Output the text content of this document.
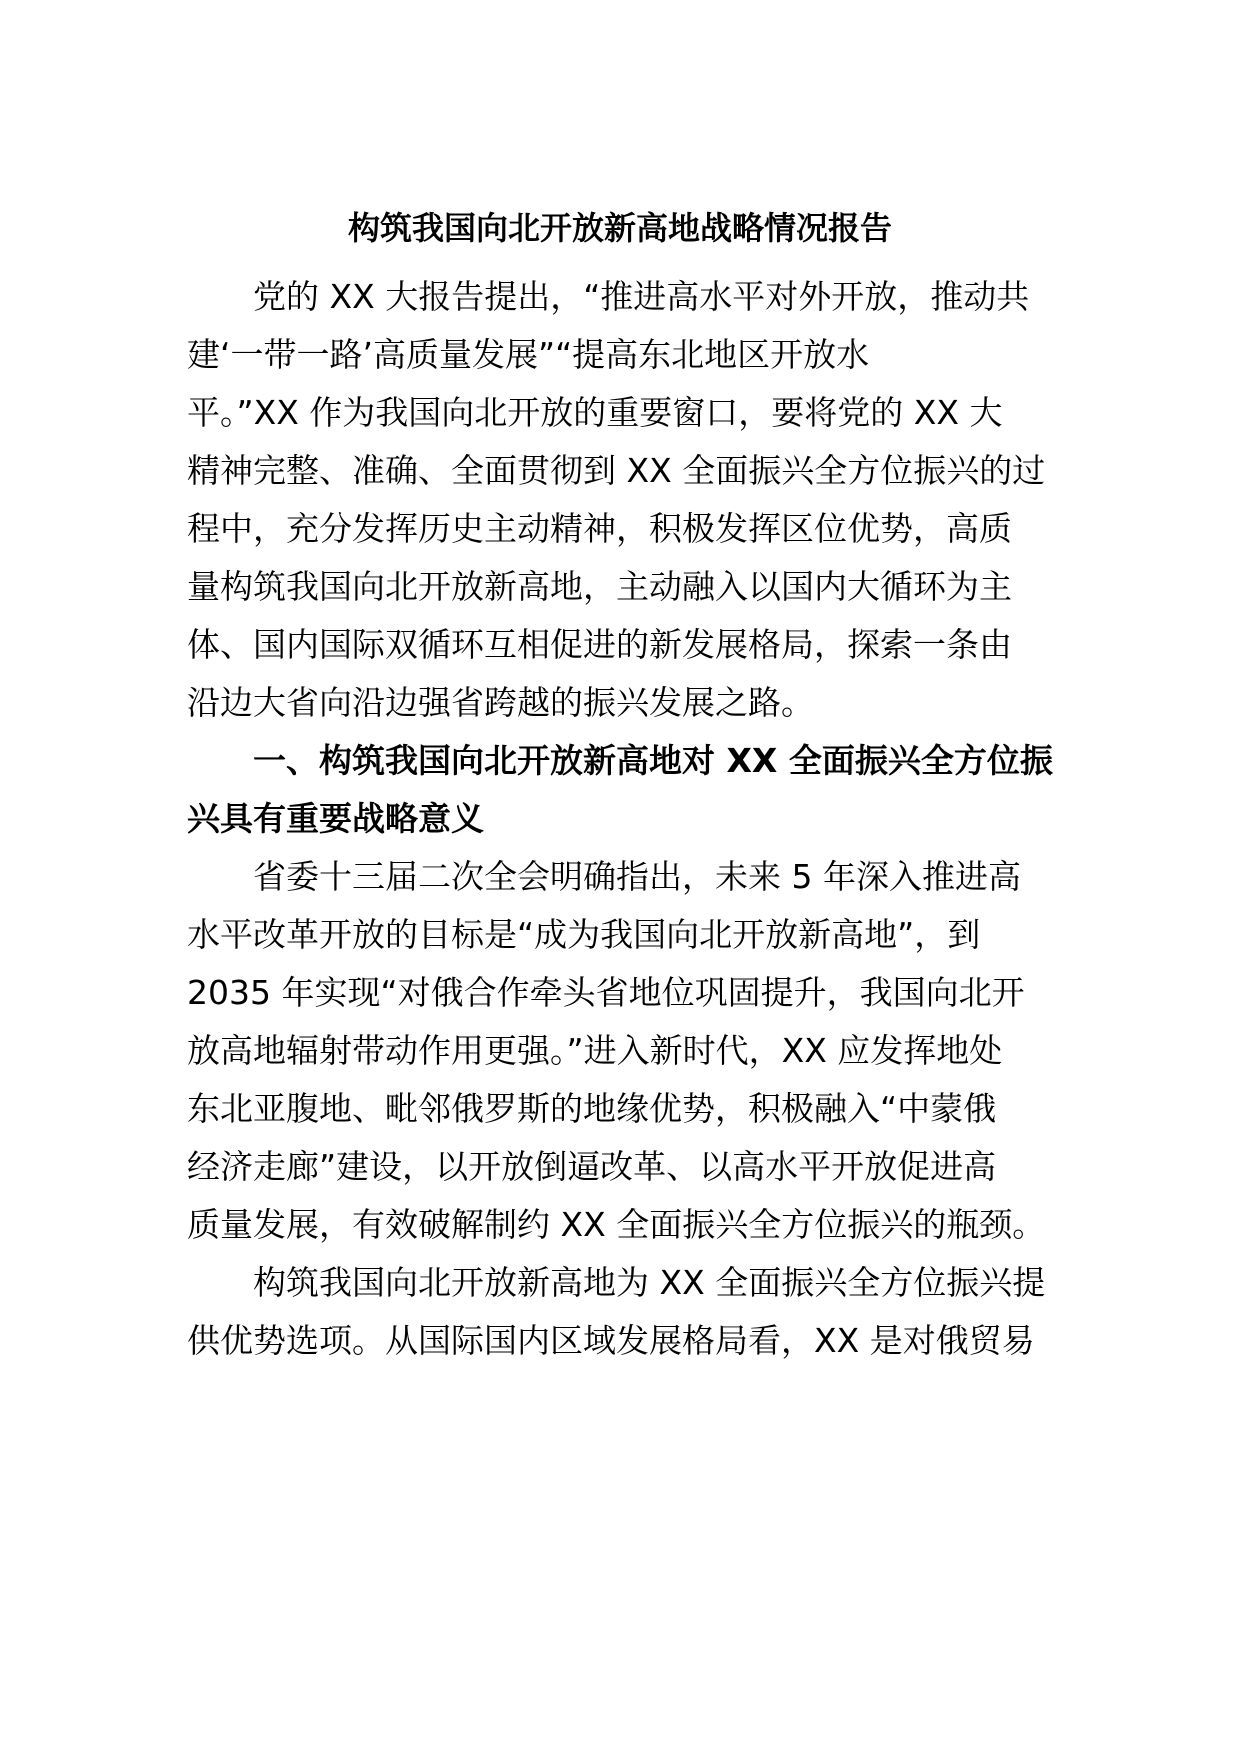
构筑我国向北开放新高地战略情况报告
　　党的 XX 大报告提出，“推进高水平对外开放，推动共
建‘一带一路’高质量发展”“提高东北地区开放水
平。”XX 作为我国向北开放的重要窗口，要将党的 XX 大
精神完整、准确、全面贯彻到 XX 全面振兴全方位振兴的过
程中，充分发挥历史主动精神，积极发挥区位优势，高质
量构筑我国向北开放新高地，主动融入以国内大循环为主
体、国内国际双循环互相促进的新发展格局，探索一条由
沿边大省向沿边强省跨越的振兴发展之路。
　　一、构筑我国向北开放新高地对 XX 全面振兴全方位振
兴具有重要战略意义
　　省委十三届二次全会明确指出，未来 5 年深入推进高
水平改革开放的目标是“成为我国向北开放新高地”，到
2035 年实现“对俄合作牵头省地位巩固提升，我国向北开
放高地辐射带动作用更强。”进入新时代，XX 应发挥地处
东北亚腹地、毗邻俄罗斯的地缘优势，积极融入“中蒙俄
经济走廊”建设，以开放倒逼改革、以高水平开放促进高
质量发展，有效破解制约 XX 全面振兴全方位振兴的瓶颈。
　　构筑我国向北开放新高地为 XX 全面振兴全方位振兴提
供优势选项。从国际国内区域发展格局看，XX 是对俄贸易
